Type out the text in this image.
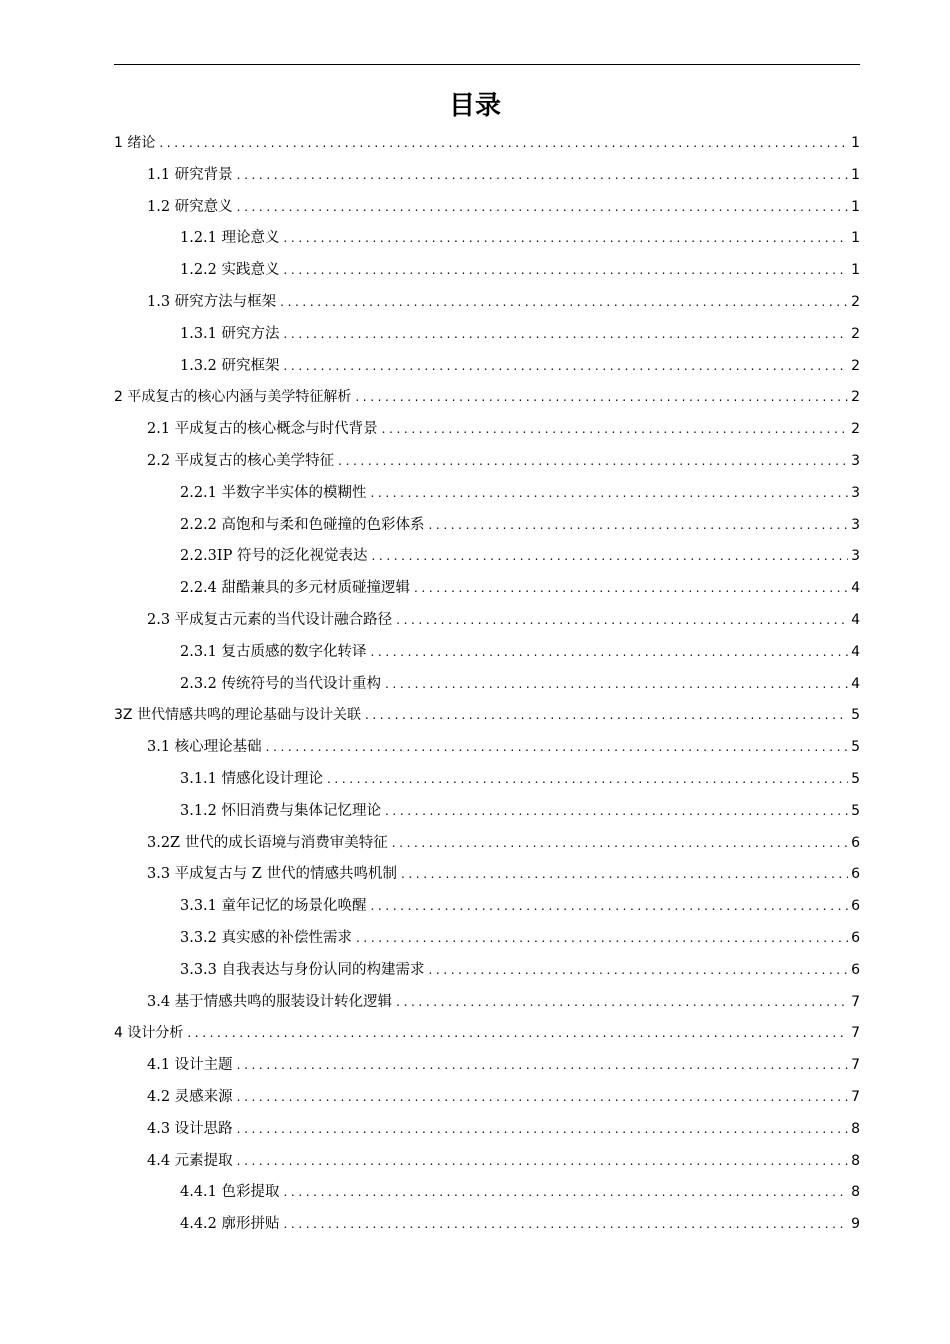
目录
1 绪论 .....	1
1.1 研究背景 .....	1
1.2 研究意义 .....	1
1.2.1 理论意义 .....	1
1.2.2 实践意义 .....	1
1.3 研究方法与框架 .....	2
1.3.1 研究方法 .....	2
1.3.2 研究框架 .....	2
2 平成复古的核心内涵与美学特征解析 .....	2
2.1 平成复古的核心概念与时代背景 .....	2
2.2 平成复古的核心美学特征 .....	3
2.2.1 半数字半实体的模糊性 .....	3
2.2.2 高饱和与柔和色碰撞的色彩体系 .....	3
2.2.3IP 符号的泛化视觉表达 .....	3
2.2.4 甜酷兼具的多元材质碰撞逻辑 .....	4
2.3 平成复古元素的当代设计融合路径 .....	4
2.3.1 复古质感的数字化转译 .....	4
2.3.2 传统符号的当代设计重构 .....	4
3Z 世代情感共鸣的理论基础与设计关联 .....	5
3.1 核心理论基础 .....	5
3.1.1 情感化设计理论 .....	5
3.1.2 怀旧消费与集体记忆理论 .....	5
3.2Z 世代的成长语境与消费审美特征 .....	6
3.3 平成复古与 Z 世代的情感共鸣机制 .....	6
3.3.1 童年记忆的场景化唤醒 .....	6
3.3.2 真实感的补偿性需求 .....	6
3.3.3 自我表达与身份认同的构建需求 .....	6
3.4 基于情感共鸣的服装设计转化逻辑 .....	7
4 设计分析 .....	7
4.1 设计主题 .....	7
4.2 灵感来源 .....	7
4.3 设计思路 .....	8
4.4 元素提取 .....	8
4.4.1 色彩提取 .....	8
4.4.2 廓形拼贴 .....	9
